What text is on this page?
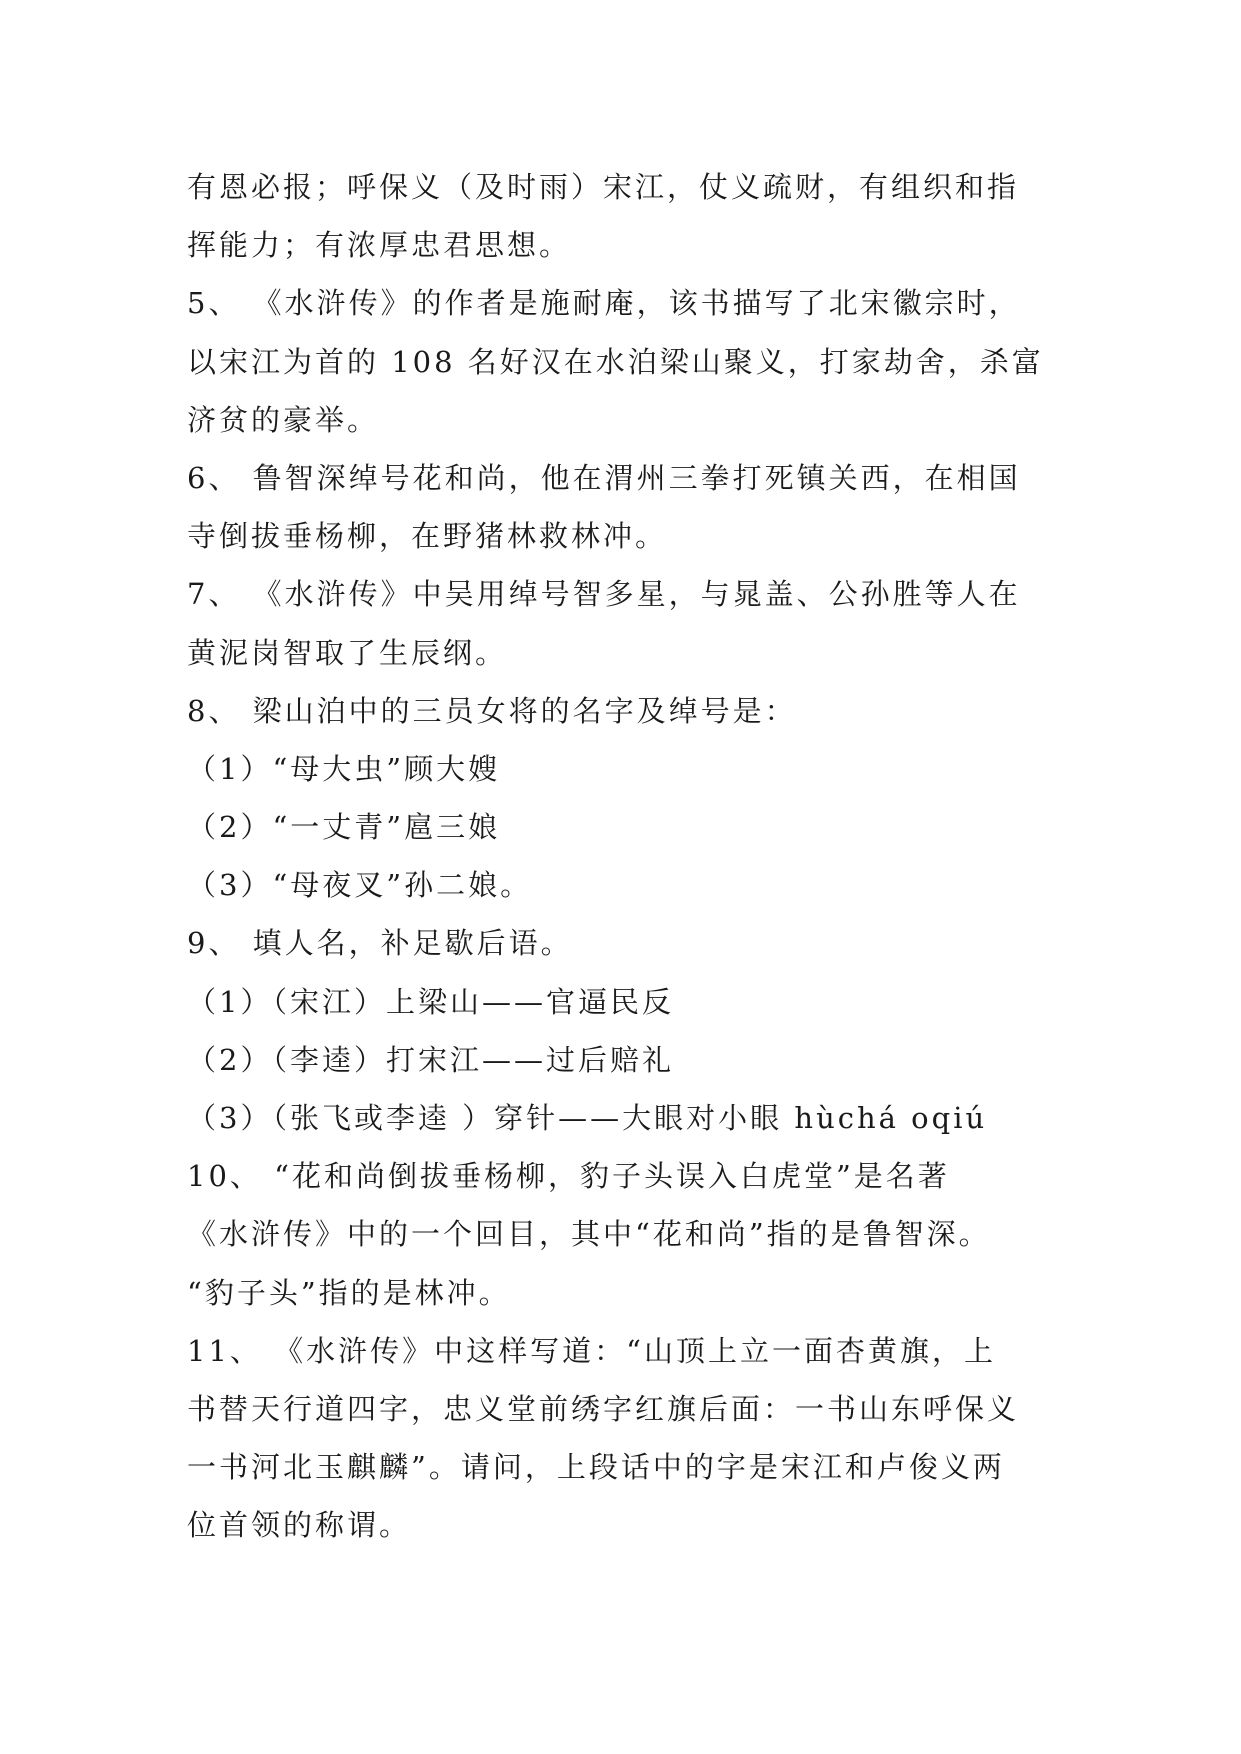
有恩必报；呼保义（及时雨）宋江，仗义疏财，有组织和指
挥能力；有浓厚忠君思想。
5、 《水浒传》的作者是施耐庵，该书描写了北宋徽宗时，
以宋江为首的 108 名好汉在水泊梁山聚义，打家劫舍，杀富
济贫的豪举。
6、 鲁智深绰号花和尚，他在渭州三拳打死镇关西，在相国
寺倒拔垂杨柳，在野猪林救林冲。
7、 《水浒传》中吴用绰号智多星，与晁盖、公孙胜等人在
黄泥岗智取了生辰纲。
8、 梁山泊中的三员女将的名字及绰号是：
（1）“母大虫”顾大嫂
（2）“一丈青”扈三娘
（3）“母夜叉”孙二娘。
9、 填人名，补足歇后语。
（1）（宋江）上梁山——官逼民反
（2）（李逵）打宋江——过后赔礼
（3）（张飞或李逵 ）穿针——大眼对小眼 hùchá oqiú
10、 “花和尚倒拔垂杨柳，豹子头误入白虎堂”是名著
《水浒传》中的一个回目，其中“花和尚”指的是鲁智深。
“豹子头”指的是林冲。
11、 《水浒传》中这样写道：“山顶上立一面杏黄旗，上
书替天行道四字，忠义堂前绣字红旗后面：一书山东呼保义
一书河北玉麒麟”。请问，上段话中的字是宋江和卢俊义两
位首领的称谓。
